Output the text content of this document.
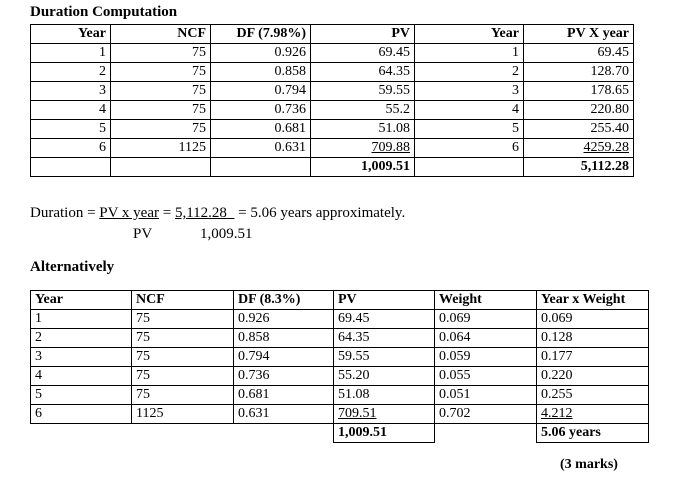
Duration Computation
Year	NCF	DF (7.98%)	PV	Year	PV X year
1	75	0.926	69.45	1	69.45
2	75	0.858	64.35	2	128.70
3	75	0.794	59.55	3	178.65
4	75	0.736	55.2	4	220.80
5	75	0.681	51.08	5	255.40
6	1125	0.631	709.88	6	4259.28
			1,009.51		5,112.28
Duration = PV x year = 5,112.28   = 5.06 years approximately.
PV	1,009.51
Alternatively
Year	NCF	DF (8.3%)	PV	Weight	Year x Weight
1	75	0.926	69.45	0.069	0.069
2	75	0.858	64.35	0.064	0.128
3	75	0.794	59.55	0.059	0.177
4	75	0.736	55.20	0.055	0.220
5	75	0.681	51.08	0.051	0.255
6	1125	0.631	709.51	0.702	4.212
			1,009.51		5.06 years
(3 marks)
